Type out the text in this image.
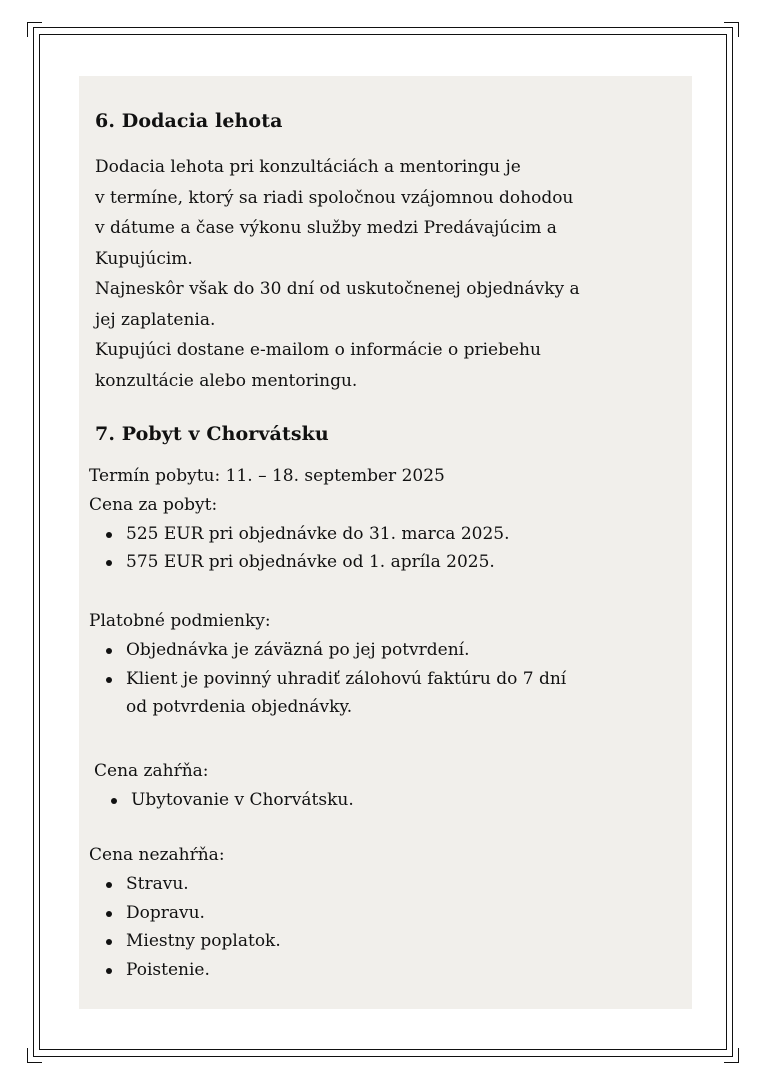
6. Dodacia lehota
Dodacia lehota pri konzultáciách a mentoringu je
v termíne, ktorý sa riadi spoločnou vzájomnou dohodou
v dátume a čase výkonu služby medzi Predávajúcim a
Kupujúcim.
Najneskôr však do 30 dní od uskutočnenej objednávky a
jej zaplatenia.
Kupujúci dostane e-mailom o informácie o priebehu
konzultácie alebo mentoringu.
7. Pobyt v Chorvátsku
Termín pobytu: 11. – 18. september 2025
Cena za pobyt:
525 EUR pri objednávke do 31. marca 2025.
575 EUR pri objednávke od 1. apríla 2025.
Platobné podmienky:
Objednávka je záväzná po jej potvrdení.
Klient je povinný uhradiť zálohovú faktúru do 7 dní
od potvrdenia objednávky.
Cena zahŕňa:
Ubytovanie v Chorvátsku.
Cena nezahŕňa:
Stravu.
Dopravu.
Miestny poplatok.
Poistenie.
